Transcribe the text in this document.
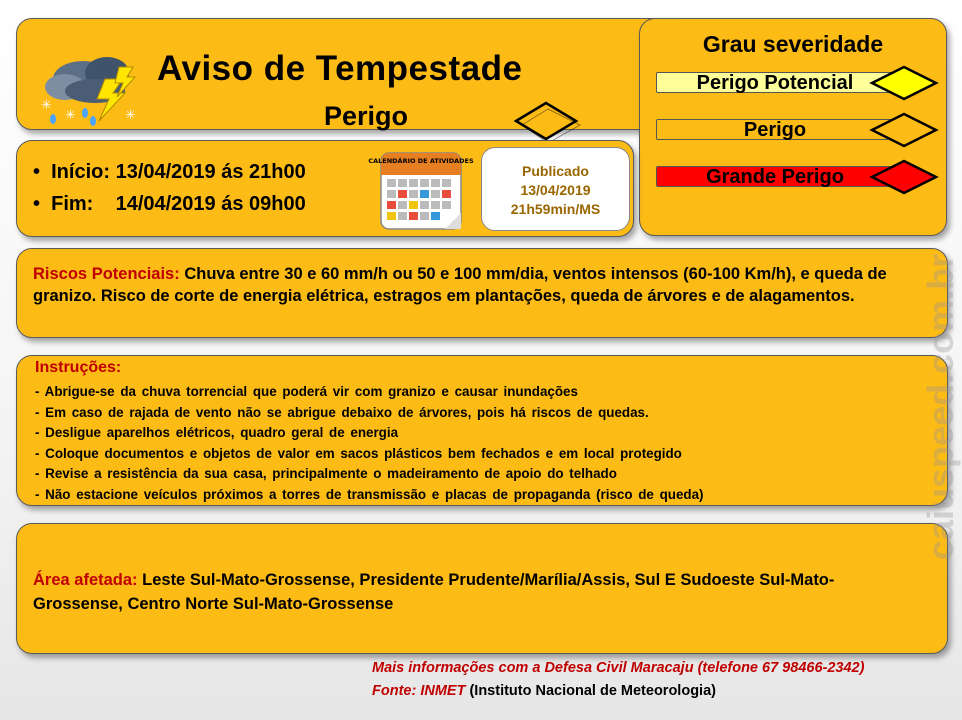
✳
✳	✳
Aviso de Tempestade
Perigo
Grau severidade
Perigo Potencial
Perigo
Grande Perigo
•  Início: 13/04/2019 ás 21h00
•  Fim:    14/04/2019 ás 09h00
CALENDÁRIO DE ATIVIDADES
Publicado
13/04/2019
21h59min/MS
Riscos Potenciais: Chuva entre 30 e 60 mm/h ou 50 e 100 mm/dia, ventos intensos (60-100 Km/h), e queda de granizo. Risco de corte de energia elétrica, estragos em plantações, queda de árvores e de alagamentos.
Instruções:
- Abrigue-se da chuva torrencial que poderá vir com granizo e causar inundações
- Em caso de rajada de vento não se abrigue debaixo de árvores, pois há riscos de quedas.
- Desligue aparelhos elétricos, quadro geral de energia
- Coloque documentos e objetos de valor em sacos plásticos bem fechados e em local protegido
- Revise a resistência da sua casa, principalmente o madeiramento de apoio do telhado
- Não estacione veículos próximos a torres de transmissão e placas de propaganda (risco de queda)
Área afetada: Leste Sul-Mato-Grossense, Presidente Prudente/Marília/Assis, Sul E Sudoeste Sul-Mato-Grossense, Centro Norte Sul-Mato-Grossense
Mais informações com a Defesa Civil Maracaju (telefone 67 98466-2342)
Fonte: INMET (Instituto Nacional de Meteorologia)
caiuspeed.com.br
